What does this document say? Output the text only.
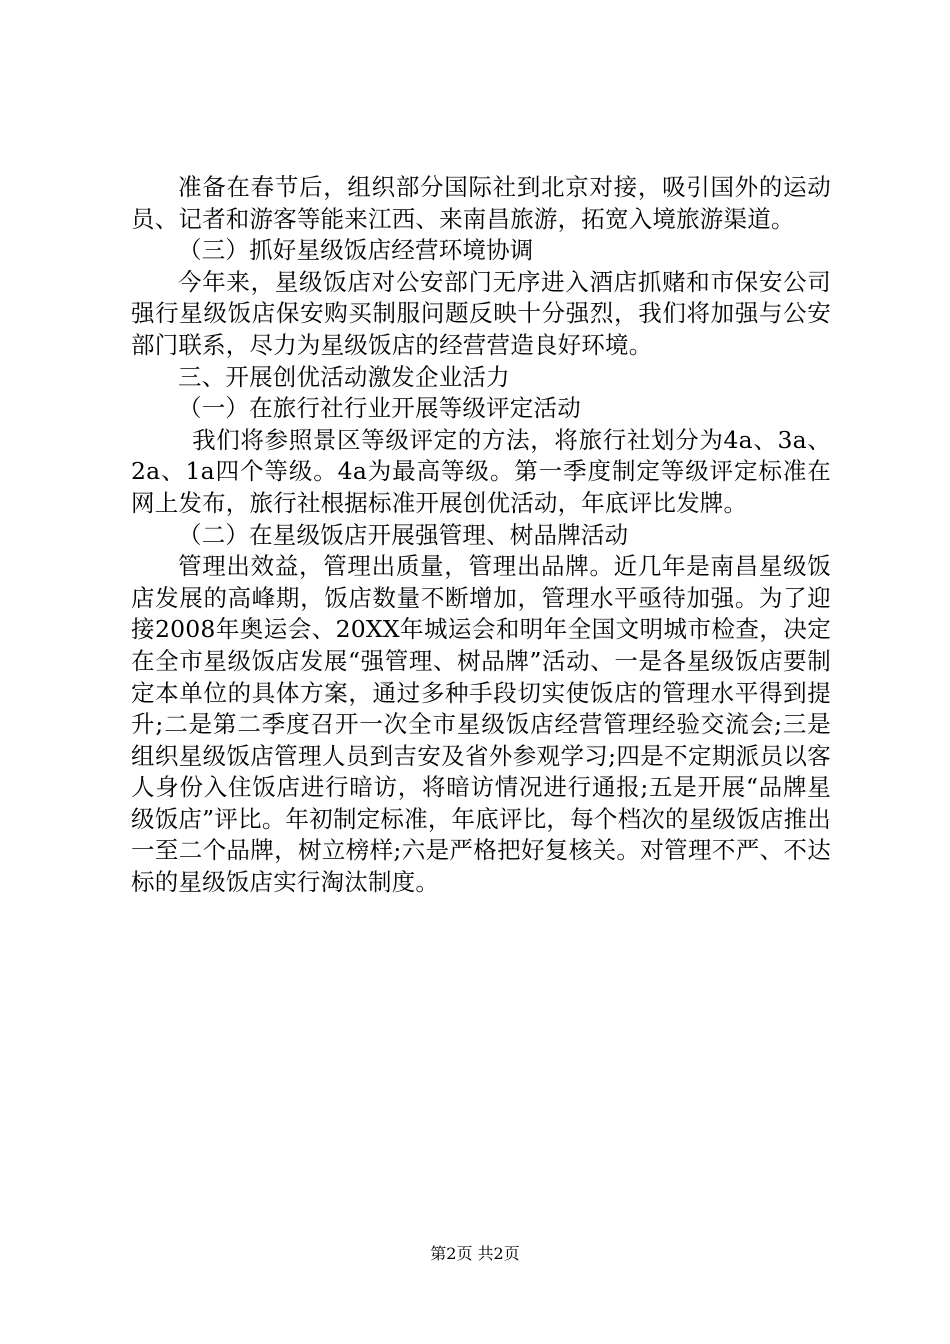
准备在春节后，组织部分国际社到北京对接，吸引国外的运动员、记者和游客等能来江西、来南昌旅游，拓宽入境旅游渠道。

（三）抓好星级饭店经营环境协调

今年来，星级饭店对公安部门无序进入酒店抓赌和市保安公司强行星级饭店保安购买制服问题反映十分强烈，我们将加强与公安部门联系，尽力为星级饭店的经营营造良好环境。

三、开展创优活动激发企业活力

（一）在旅行社行业开展等级评定活动

我们将参照景区等级评定的方法，将旅行社划分为4a、3a、2a、1a四个等级。4a为最高等级。第一季度制定等级评定标准在网上发布，旅行社根据标准开展创优活动，年底评比发牌。

（二）在星级饭店开展强管理、树品牌活动

管理出效益，管理出质量，管理出品牌。近几年是南昌星级饭店发展的高峰期，饭店数量不断增加，管理水平亟待加强。为了迎接2008年奥运会、20XX年城运会和明年全国文明城市检查，决定在全市星级饭店发展“强管理、树品牌”活动、一是各星级饭店要制定本单位的具体方案，通过多种手段切实使饭店的管理水平得到提升;二是第二季度召开一次全市星级饭店经营管理经验交流会;三是组织星级饭店管理人员到吉安及省外参观学习;四是不定期派员以客人身份入住饭店进行暗访，将暗访情况进行通报;五是开展“品牌星级饭店”评比。年初制定标准，年底评比，每个档次的星级饭店推出一至二个品牌，树立榜样;六是严格把好复核关。对管理不严、不达标的星级饭店实行淘汰制度。

第2页 共2页
